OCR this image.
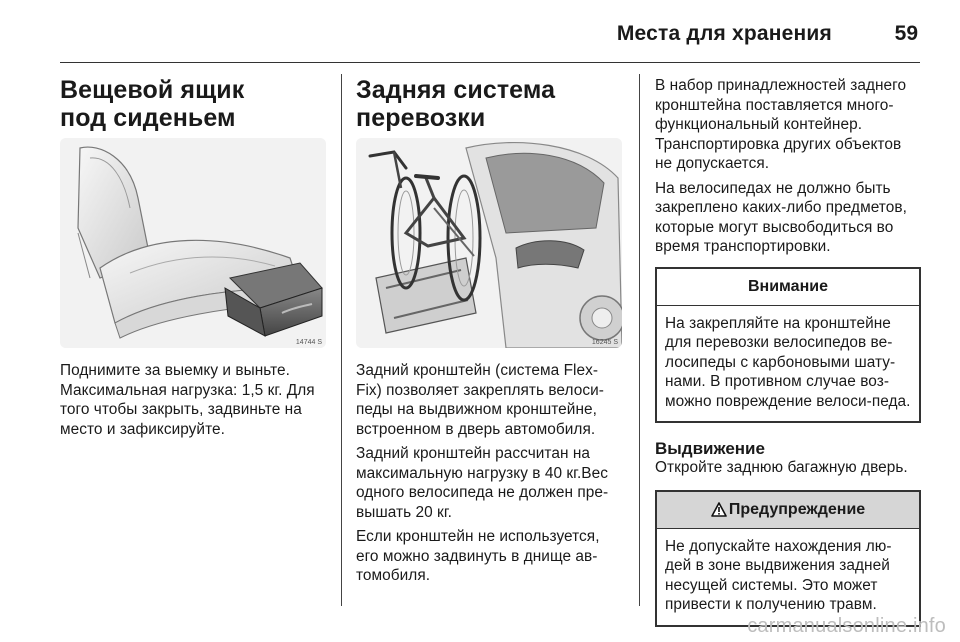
Места для хранения	59
Вещевой ящик под сиденьем
14744 S

Поднимите за выемку и выньте. Максимальная нагрузка: 1,5 кг. Для того чтобы закрыть, задвиньте на место и зафиксируйте.

Задняя система перевозки
16245 S

Задний кронштейн (система Flex-Fix) позволяет закреплять велоси-педы на выдвижном кронштейне, встроенном в дверь автомобиля.

Задний кронштейн рассчитан на максимальную нагрузку в 40 кг.Вес одного велосипеда не должен пре-вышать 20 кг.

Если кронштейн не используется, его можно задвинуть в днище ав-томобиля.

В набор принадлежностей заднего кронштейна поставляется много-функциональный контейнер. Транспортировка других объектов не допускается.

На велосипедах не должно быть закреплено каких-либо предметов, которые могут высвободиться во время транспортировки.

Внимание

На закрепляйте на кронштейне для перевозки велосипедов ве-лосипеды с карбоновыми шату-нами. В противном случае воз-можно повреждение велоси-педа.

Выдвижение

Откройте заднюю багажную дверь.

Предупреждение

Не допускайте нахождения лю-дей в зоне выдвижения задней несущей системы. Это может привести к получению травм.

carmanualsonline.info
